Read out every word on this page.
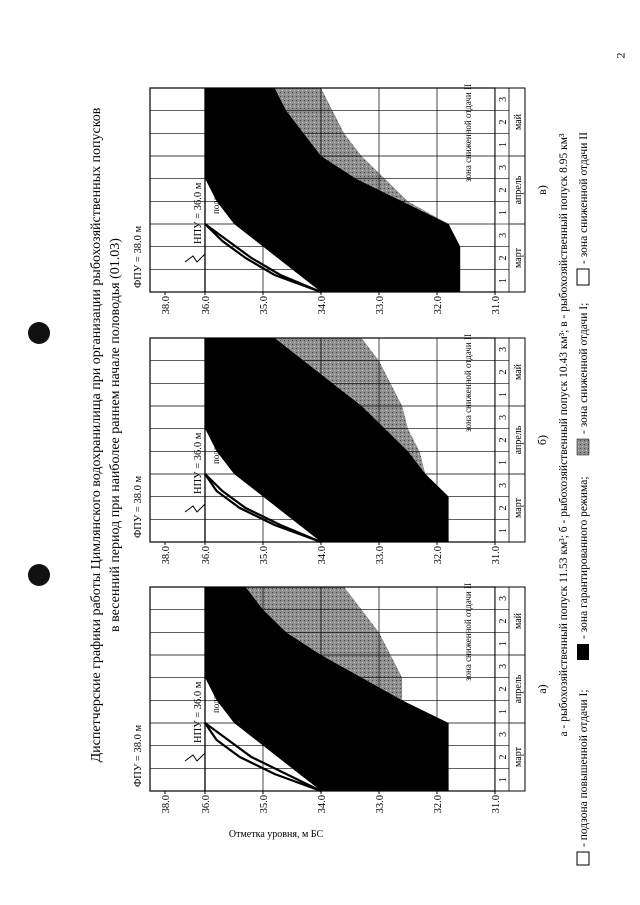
2
Диспетчерские графики работы Цимлянского водохранилища при организации рыбохозяйственных попусков в весенний период при наиболее раннем начале половодья (01.03)
Отметка уровня, м БС
31.0
32.0
33.0
34.0
35.0
36.0
38.0
ФПУ = 38.0 м
НПУ = 36.0 м подзона повышенной отдачи I	зона сниженной отдачи II
1
2
3
1
2
3
1
2
3
март
апрель
май
а)
31.0
32.0
33.0
34.0
35.0
36.0
38.0
ФПУ = 38.0 м
НПУ = 36.0 м подзона повышенной отдачи I	зона сниженной отдачи II
1
2
3
1
2
3
1
2
3
март
апрель
май
б)
31.0
32.0
33.0
34.0
35.0
36.0
38.0
ФПУ = 38.0 м
НПУ = 36.0 м подзона повышенной отдачи I	зона сниженной отдачи II
1
2
3
1
2
3
1
2
3
март
апрель
май
в) а - рыбохозяйственный попуск 11.53 км³; б - рыбохозяйственный попуск 10.43 км³; в - рыбохозяйственный попуск 8.95 км³
- подзона повышенной отдачи I;
- зона гарантированного режима;
- зона сниженной отдачи I;
- зона сниженной отдачи II
